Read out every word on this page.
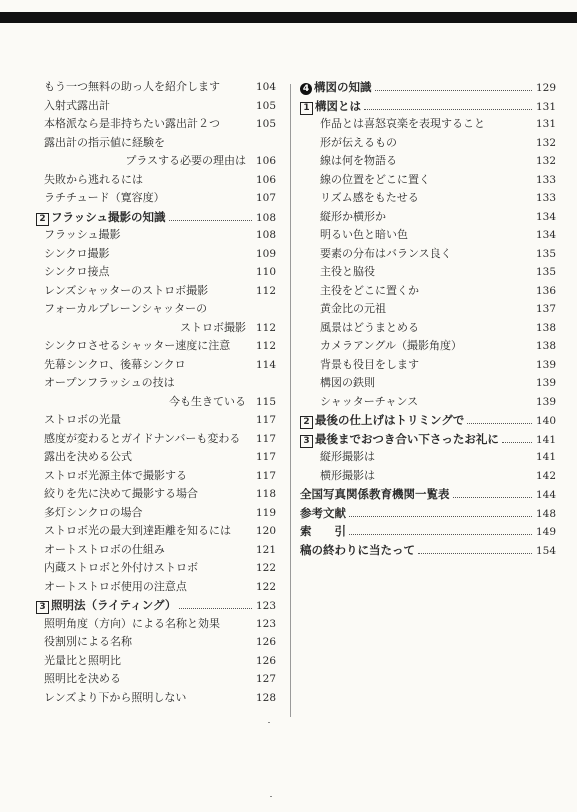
もう一つ無料の助っ人を紹介します	104
入射式露出計	105
本格派なら是非持ちたい露出計２つ	105
露出計の指示値に経験を
プラスする必要の理由は 106
失敗から逃れるには	106
ラチチュード（寛容度）	107
2 フラッシュ撮影の知識	108
フラッシュ撮影	108
シンクロ撮影	109
シンクロ接点	110
レンズシャッターのストロボ撮影	112
フォーカルプレーンシャッターの
ストロボ撮影 112
シンクロさせるシャッター速度に注意 112
先幕シンクロ、後幕シンクロ	114
オープンフラッシュの技は
今も生きている 115
ストロボの光量	117
感度が変わるとガイドナンバーも変わる 117
露出を決める公式	117
ストロボ光源主体で撮影する	117
絞りを先に決めて撮影する場合	118
多灯シンクロの場合	119
ストロボ光の最大到達距離を知るには 120
オートストロボの仕組み	121
内蔵ストロボと外付けストロボ	122
オートストロボ使用の注意点	122
3 照明法（ライティング）	123
照明角度（方向）による名称と効果	123
役割別による名称	126
光量比と照明比	126
照明比を決める	127
レンズより下から照明しない	128
4 構図の知識	129
1 構図とは	131
作品とは喜怒哀楽を表現すること	131
形が伝えるもの	132
線は何を物語る	132
線の位置をどこに置く	133
リズム感をもたせる	133
縦形か横形か	134
明るい色と暗い色	134
要素の分布はバランス良く	135
主役と脇役	135
主役をどこに置くか	136
黄金比の元祖	137
風景はどうまとめる	138
カメラアングル（撮影角度）	138
背景も役目をします	139
構図の鉄則	139
シャッターチャンス	139
2 最後の仕上げはトリミングで	140
3 最後までおつき合い下さったお礼に	141
縦形撮影は	141
横形撮影は	142
全国写真関係教育機関一覧表	144
参考文献	148
索　　引	149
稿の終わりに当たって	154
